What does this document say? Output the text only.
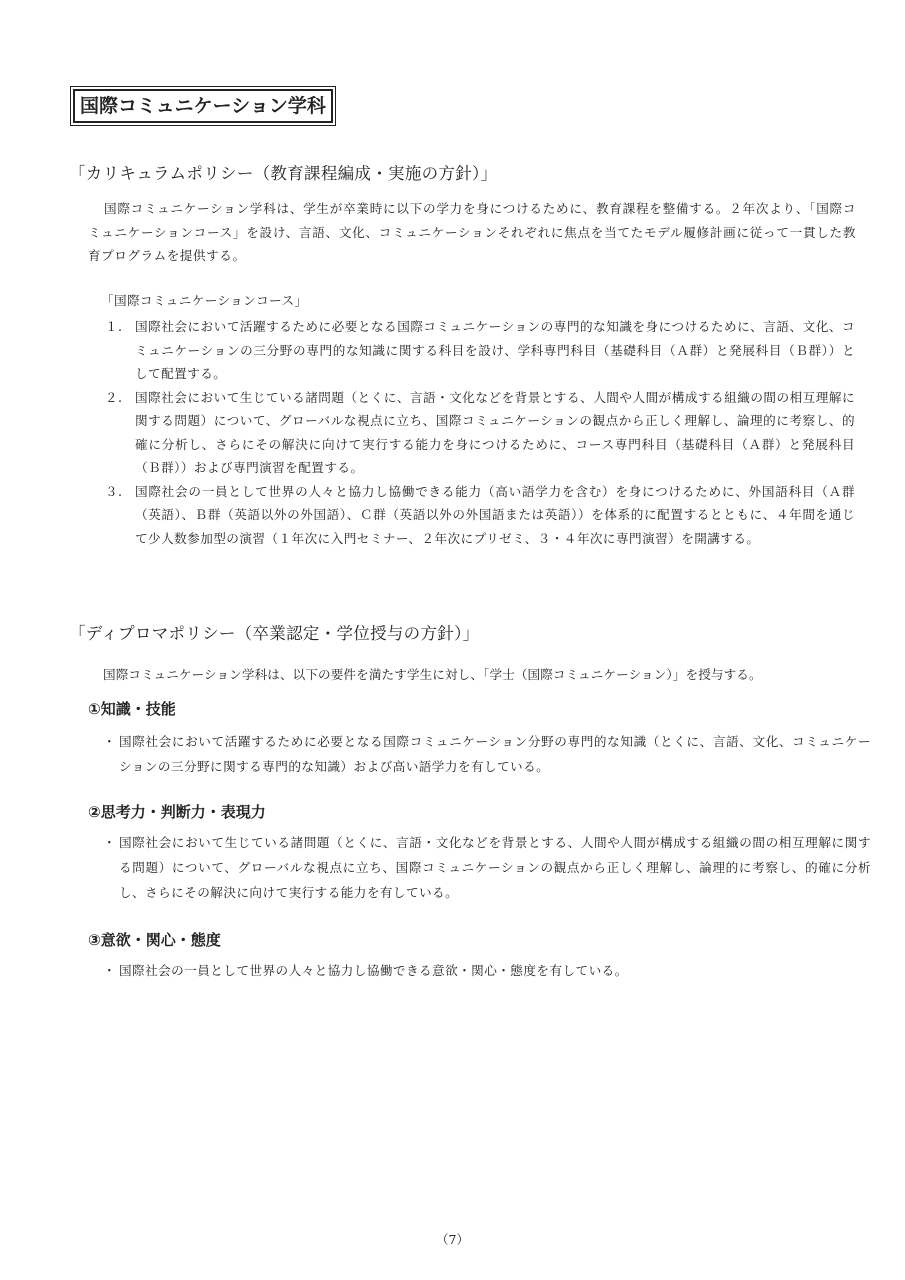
国際コミュニケーション学科
「カリキュラムポリシー（教育課程編成・実施の方針）」

国際コミュニケーション学科は、学生が卒業時に以下の学力を身につけるために、教育課程を整備する。２年次より、「国際コミュニケーションコース」を設け、言語、文化、コミュニケーションそれぞれに焦点を当てたモデル履修計画に従って一貫した教育プログラムを提供する。

「国際コミュニケーションコース」
１. 国際社会において活躍するために必要となる国際コミュニケーションの専門的な知識を身につけるために、言語、文化、コミュニケーションの三分野の専門的な知識に関する科目を設け、学科専門科目（基礎科目（Ａ群）と発展科目（Ｂ群））として配置する。
２. 国際社会において生じている諸問題（とくに、言語・文化などを背景とする、人間や人間が構成する組織の間の相互理解に関する問題）について、グローバルな視点に立ち、国際コミュニケーションの観点から正しく理解し、論理的に考察し、的確に分析し、さらにその解決に向けて実行する能力を身につけるために、コース専門科目（基礎科目（Ａ群）と発展科目（Ｂ群））および専門演習を配置する。
３. 国際社会の一員として世界の人々と協力し協働できる能力（高い語学力を含む）を身につけるために、外国語科目（Ａ群（英語）、Ｂ群（英語以外の外国語）、Ｃ群（英語以外の外国語または英語））を体系的に配置するとともに、４年間を通じて少人数参加型の演習（１年次に入門セミナー、２年次にプリゼミ、３・４年次に専門演習）を開講する。
「ディプロマポリシー（卒業認定・学位授与の方針）」
国際コミュニケーション学科は、以下の要件を満たす学生に対し、「学士（国際コミュニケーション）」を授与する。
①知識・技能

・ 国際社会において活躍するために必要となる国際コミュニケーション分野の専門的な知識（とくに、言語、文化、コミュニケーションの三分野に関する専門的な知識）および高い語学力を有している。

②思考力・判断力・表現力

・ 国際社会において生じている諸問題（とくに、言語・文化などを背景とする、人間や人間が構成する組織の間の相互理解に関する問題）について、グローバルな視点に立ち、国際コミュニケーションの観点から正しく理解し、論理的に考察し、的確に分析し、さらにその解決に向けて実行する能力を有している。

③意欲・関心・態度

・ 国際社会の一員として世界の人々と協力し協働できる意欲・関心・態度を有している。

（7）
